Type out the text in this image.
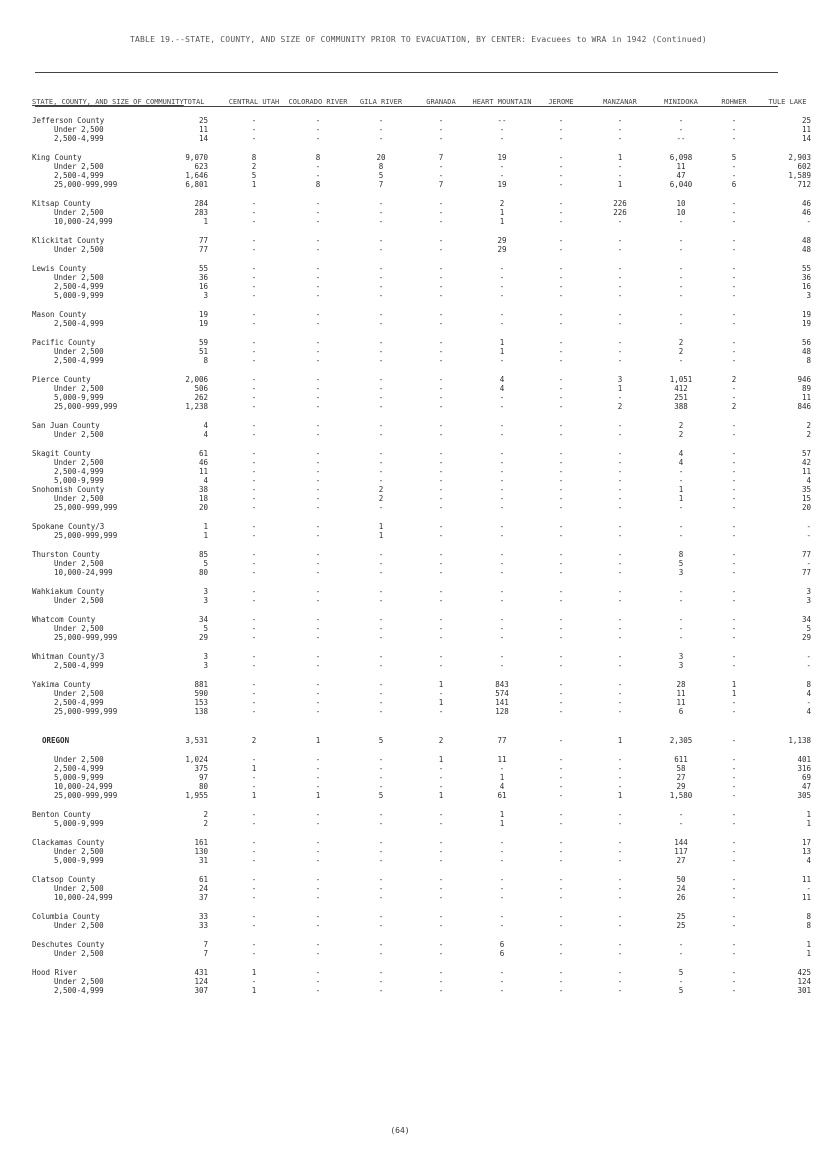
TABLE 19.--STATE, COUNTY, AND SIZE OF COMMUNITY PRIOR TO EVACUATION, BY CENTER: Evacuees to WRA in 1942 (Continued)
STATE, COUNTY, AND SIZE OF COMMUNITY	TOTAL	CENTRAL UTAH	COLORADO RIVER	GILA RIVER	GRANADA	HEART MOUNTAIN	JEROME	MANZANAR	MINIDOKA	ROHWER	TULE LAKE

Jefferson County	25	-	-	-	-	--	-	-	-	-	25
Under 2,500	11	-	-	-	-	-	-	-	-	-	11
2,500-4,999	14	-	-	-	-	-	-	-	--	-	14

King County	9,070	8	8	20	7	19	-	1	6,098	5	2,903
Under 2,500	623	2	-	8	-	-	-	-	11	-	602
2,500-4,999	1,646	5	-	5	-	-	-	-	47	-	1,589
25,000-999,999	6,801	1	8	7	7	19	-	1	6,040	6	712

Kitsap County	284	-	-	-	-	2	-	226	10	-	46
Under 2,500	283	-	-	-	-	1	-	226	10	-	46
10,000-24,999	1	-	-	-	-	1	-	-	-	-	-

Klickitat County	77	-	-	-	-	29	-	-	-	-	48
Under 2,500	77	-	-	-	-	29	-	-	-	-	48

Lewis County	55	-	-	-	-	-	-	-	-	-	55
Under 2,500	36	-	-	-	-	-	-	-	-	-	36
2,500-4,999	16	-	-	-	-	-	-	-	-	-	16
5,000-9,999	3	-	-	-	-	-	-	-	-	-	3

Mason County	19	-	-	-	-	-	-	-	-	-	19
2,500-4,999	19	-	-	-	-	-	-	-	-	-	19

Pacific County	59	-	-	-	-	1	-	-	2	-	56
Under 2,500	51	-	-	-	-	1	-	-	2	-	48
2,500-4,999	8	-	-	-	-	-	-	-	-	-	8

Pierce County	2,006	-	-	-	-	4	-	3	1,051	2	946
Under 2,500	506	-	-	-	-	4	-	1	412	-	89
5,000-9,999	262	-	-	-	-	-	-	-	251	-	11
25,000-999,999	1,238	-	-	-	-	-	-	2	388	2	846

San Juan County	4	-	-	-	-	-	-	-	2	-	2
Under 2,500	4	-	-	-	-	-	-	-	2	-	2

Skagit County	61	-	-	-	-	-	-	-	4	-	57
Under 2,500	46	-	-	-	-	-	-	-	4	-	42
2,500-4,999	11	-	-	-	-	-	-	-	-	-	11
5,000-9,999	4	-	-	-	-	-	-	-	-	-	4
Snohomish County	38	-	-	2	-	-	-	-	1	-	35
Under 2,500	18	-	-	2	-	-	-	-	1	-	15
25,000-999,999	20	-	-	-	-	-	-	-	-	-	20

Spokane County/3	1	-	-	1	-	-	-	-	-	-	-
25,000-999,999	1	-	-	1	-	-	-	-	-	-	-

Thurston County	85	-	-	-	-	-	-	-	8	-	77
Under 2,500	5	-	-	-	-	-	-	-	5	-	-
10,000-24,999	80	-	-	-	-	-	-	-	3	-	77

Wahkiakum County	3	-	-	-	-	-	-	-	-	-	3
Under 2,500	3	-	-	-	-	-	-	-	-	-	3

Whatcom County	34	-	-	-	-	-	-	-	-	-	34
Under 2,500	5	-	-	-	-	-	-	-	-	-	5
25,000-999,999	29	-	-	-	-	-	-	-	-	-	29

Whitman County/3	3	-	-	-	-	-	-	-	3	-	-
2,500-4,999	3	-	-	-	-	-	-	-	3	-	-

Yakima County	881	-	-	-	1	843	-	-	28	1	8
Under 2,500	590	-	-	-	-	574	-	-	11	1	4
2,500-4,999	153	-	-	-	1	141	-	-	11	-	-
25,000-999,999	138	-	-	-	-	128	-	-	6	-	4

OREGON	3,531	2	1	5	2	77	-	1	2,305	-	1,138

Under 2,500	1,024	-	-	-	1	11	-	-	611	-	401
2,500-4,999	375	1	-	-	-	-	-	-	58	-	316
5,000-9,999	97	-	-	-	-	1	-	-	27	-	69
10,000-24,999	80	-	-	-	-	4	-	-	29	-	47
25,000-999,999	1,955	1	1	5	1	61	-	1	1,580	-	305

Benton County	2	-	-	-	-	1	-	-	-	-	1
5,000-9,999	2	-	-	-	-	1	-	-	-	-	1

Clackamas County	161	-	-	-	-	-	-	-	144	-	17
Under 2,500	130	-	-	-	-	-	-	-	117	-	13
5,000-9,999	31	-	-	-	-	-	-	-	27	-	4

Clatsop County	61	-	-	-	-	-	-	-	50	-	11
Under 2,500	24	-	-	-	-	-	-	-	24	-	-
10,000-24,999	37	-	-	-	-	-	-	-	26	-	11

Columbia County	33	-	-	-	-	-	-	-	25	-	8
Under 2,500	33	-	-	-	-	-	-	-	25	-	8

Deschutes County	7	-	-	-	-	6	-	-	-	-	1
Under 2,500	7	-	-	-	-	6	-	-	-	-	1

Hood River	431	1	-	-	-	-	-	-	5	-	425
Under 2,500	124	-	-	-	-	-	-	-	-	-	124
2,500-4,999	307	1	-	-	-	-	-	-	5	-	301
(64)
